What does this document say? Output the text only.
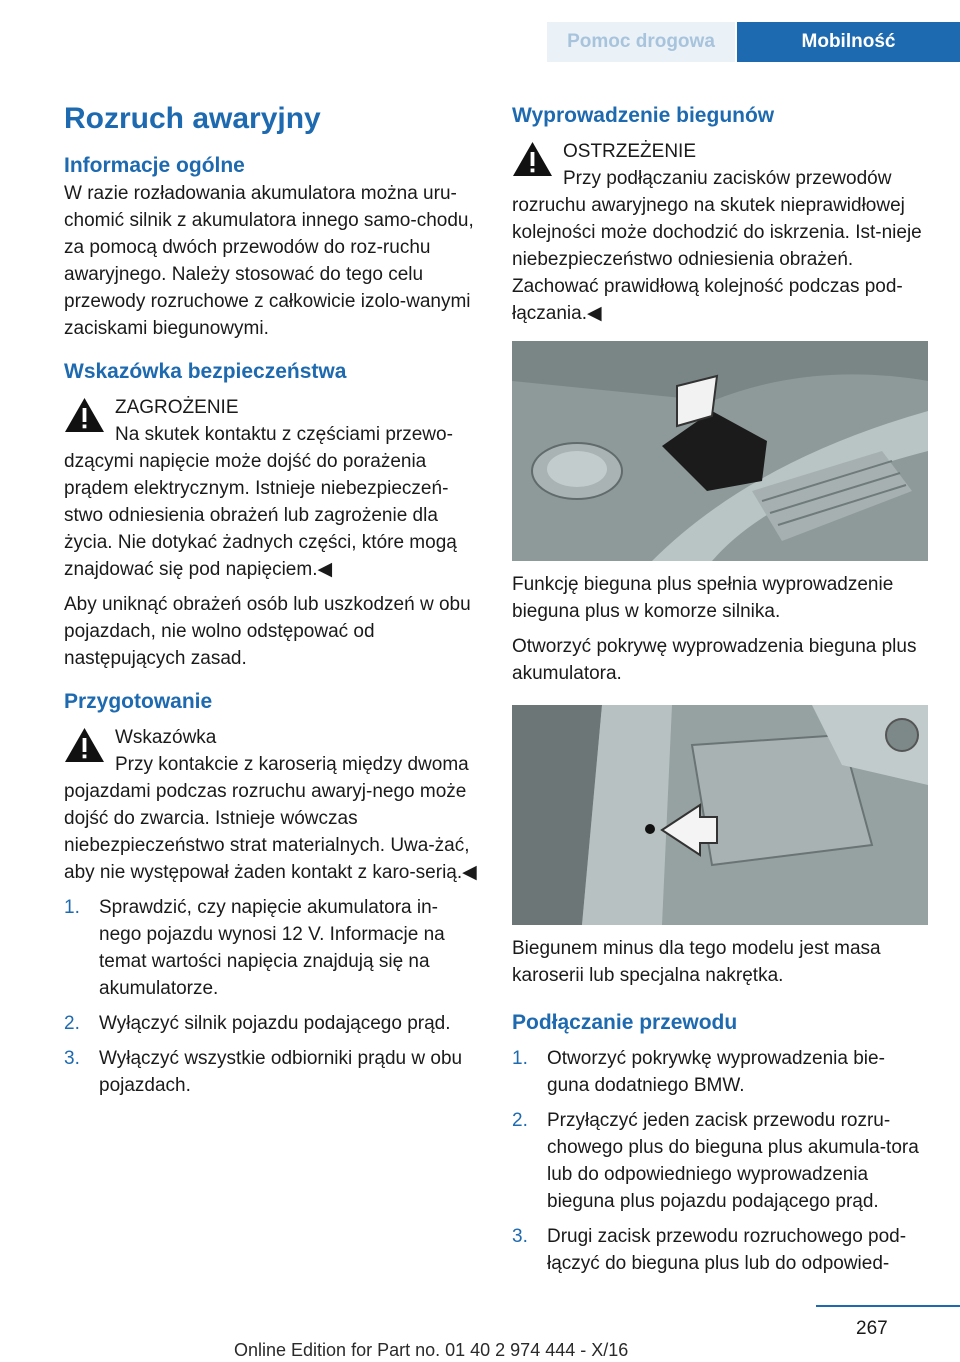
Pomoc drogowa	Mobilność
Rozruch awaryjny
Informacje ogólne

W razie rozładowania akumulatora można uru-chomić silnik z akumulatora innego samo-chodu, za pomocą dwóch przewodów do roz-ruchu awaryjnego. Należy stosować do tego celu przewody rozruchowe z całkowicie izolo-wanymi zaciskami biegunowymi.

Wskazówka bezpieczeństwa
ZAGROŻENIE

Na skutek kontaktu z częściami przewo-dzącymi napięcie może dojść do porażenia prądem elektrycznym. Istnieje niebezpieczeń-stwo odniesienia obrażeń lub zagrożenie dla życia. Nie dotykać żadnych części, które mogą znajdować się pod napięciem.◀

Aby uniknąć obrażeń osób lub uszkodzeń w obu pojazdach, nie wolno odstępować od następujących zasad.

Przygotowanie
Wskazówka

Przy kontakcie z karoserią między dwoma pojazdami podczas rozruchu awaryj-nego może dojść do zwarcia. Istnieje wówczas niebezpieczeństwo strat materialnych. Uwa-żać, aby nie występował żaden kontakt z karo-serią.◀

1. Sprawdzić, czy napięcie akumulatora in-nego pojazdu wynosi 12 V. Informacje na temat wartości napięcia znajdują się na akumulatorze.
2. Wyłączyć silnik pojazdu podającego prąd.
3. Wyłączyć wszystkie odbiorniki prądu w obu pojazdach.
Wyprowadzenie biegunów
OSTRZEŻENIE

Przy podłączaniu zacisków przewodów rozruchu awaryjnego na skutek nieprawidłowej kolejności może dochodzić do iskrzenia. Ist-nieje niebezpieczeństwo odniesienia obrażeń. Zachować prawidłową kolejność podczas pod-łączania.◀

Funkcję bieguna plus spełnia wyprowadzenie bieguna plus w komorze silnika.

Otworzyć pokrywę wyprowadzenia bieguna plus akumulatora.

Biegunem minus dla tego modelu jest masa karoserii lub specjalna nakrętka.

Podłączanie przewodu
1. Otworzyć pokrywkę wyprowadzenia bie-guna dodatniego BMW.
2. Przyłączyć jeden zacisk przewodu rozru-chowego plus do bieguna plus akumula-tora lub do odpowiedniego wyprowadzenia bieguna plus pojazdu podającego prąd.
3. Drugi zacisk przewodu rozruchowego pod-łączyć do bieguna plus lub do odpowied-
267
Online Edition for Part no. 01 40 2 974 444 - X/16
